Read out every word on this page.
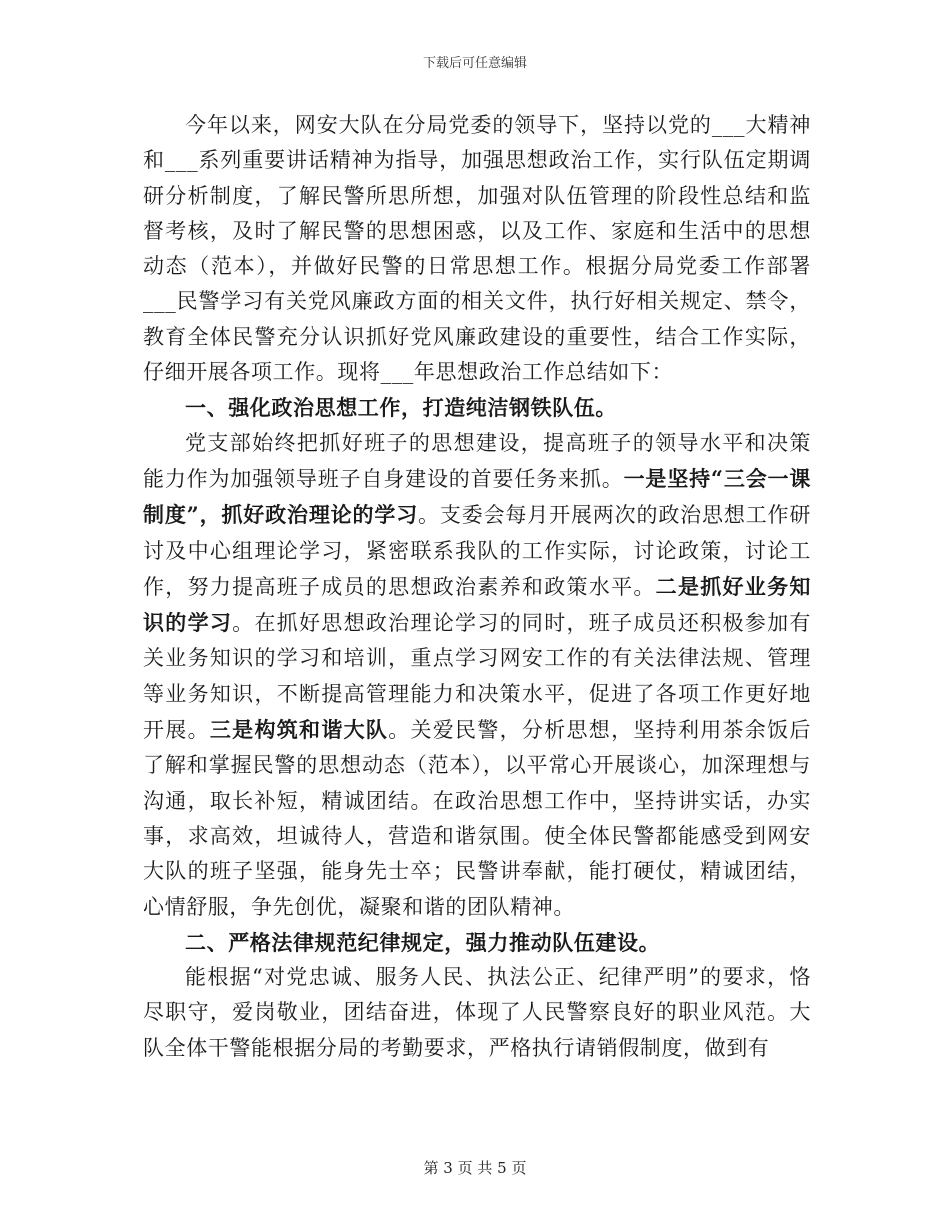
下载后可任意编辑

今年以来，网安大队在分局党委的领导下，坚持以党的___大精神和___系列重要讲话精神为指导，加强思想政治工作，实行队伍定期调研分析制度，了解民警所思所想，加强对队伍管理的阶段性总结和监督考核，及时了解民警的思想困惑，以及工作、家庭和生活中的思想动态（范本），并做好民警的日常思想工作。根据分局党委工作部署___民警学习有关党风廉政方面的相关文件，执行好相关规定、禁令，教育全体民警充分认识抓好党风廉政建设的重要性，结合工作实际，仔细开展各项工作。现将___年思想政治工作总结如下：

一、强化政治思想工作，打造纯洁钢铁队伍。

党支部始终把抓好班子的思想建设，提高班子的领导水平和决策能力作为加强领导班子自身建设的首要任务来抓。一是坚持“三会一课制度”，抓好政治理论的学习。支委会每月开展两次的政治思想工作研讨及中心组理论学习，紧密联系我队的工作实际，讨论政策，讨论工作，努力提高班子成员的思想政治素养和政策水平。二是抓好业务知识的学习。在抓好思想政治理论学习的同时，班子成员还积极参加有关业务知识的学习和培训，重点学习网安工作的有关法律法规、管理等业务知识，不断提高管理能力和决策水平，促进了各项工作更好地开展。三是构筑和谐大队。关爱民警，分析思想，坚持利用茶余饭后了解和掌握民警的思想动态（范本），以平常心开展谈心，加深理想与沟通，取长补短，精诚团结。在政治思想工作中，坚持讲实话，办实事，求高效，坦诚待人，营造和谐氛围。使全体民警都能感受到网安大队的班子坚强，能身先士卒；民警讲奉献，能打硬仗，精诚团结，心情舒服，争先创优，凝聚和谐的团队精神。

二、严格法律规范纪律规定，强力推动队伍建设。

能根据“对党忠诚、服务人民、执法公正、纪律严明”的要求，恪尽职守，爱岗敬业，团结奋进，体现了人民警察良好的职业风范。大队全体干警能根据分局的考勤要求，严格执行请销假制度，做到有

第 3 页 共 5 页
